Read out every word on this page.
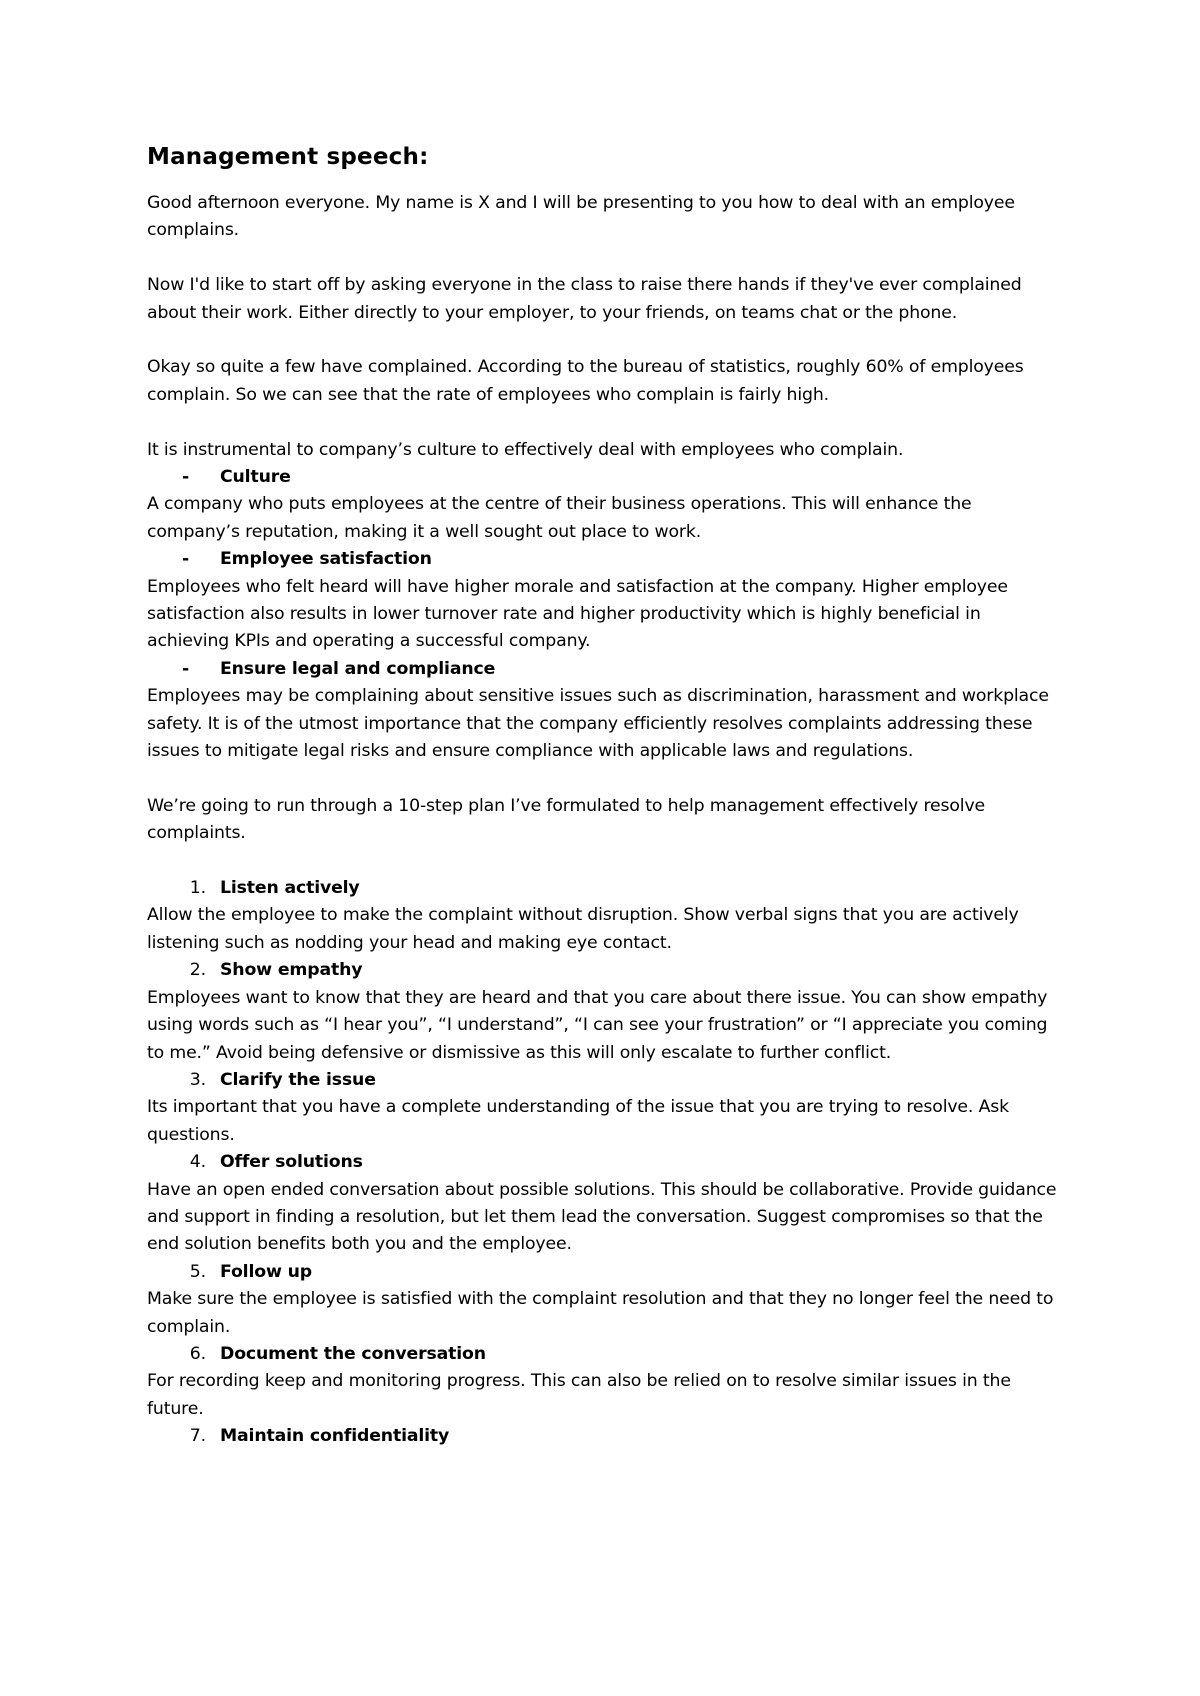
Management speech:

Good afternoon everyone. My name is X and I will be presenting to you how to deal with an employee complains.

Now I'd like to start off by asking everyone in the class to raise there hands if they've ever complained about their work. Either directly to your employer, to your friends, on teams chat or the phone.

Okay so quite a few have complained. According to the bureau of statistics, roughly 60% of employees complain. So we can see that the rate of employees who complain is fairly high.

It is instrumental to company’s culture to effectively deal with employees who complain.

-	Culture

A company who puts employees at the centre of their business operations. This will enhance the company’s reputation, making it a well sought out place to work.

-	Employee satisfaction

Employees who felt heard will have higher morale and satisfaction at the company. Higher employee satisfaction also results in lower turnover rate and higher productivity which is highly beneficial in achieving KPIs and operating a successful company.

-	Ensure legal and compliance

Employees may be complaining about sensitive issues such as discrimination, harassment and workplace safety. It is of the utmost importance that the company efficiently resolves complaints addressing these issues to mitigate legal risks and ensure compliance with applicable laws and regulations.

We’re going to run through a 10-step plan I’ve formulated to help management effectively resolve complaints.

1. Listen actively

Allow the employee to make the complaint without disruption. Show verbal signs that you are actively listening such as nodding your head and making eye contact.

2. Show empathy

Employees want to know that they are heard and that you care about there issue. You can show empathy using words such as “I hear you”, “I understand”, “I can see your frustration” or “I appreciate you coming to me.” Avoid being defensive or dismissive as this will only escalate to further conflict.

3. Clarify the issue

Its important that you have a complete understanding of the issue that you are trying to resolve. Ask questions.

4. Offer solutions

Have an open ended conversation about possible solutions. This should be collaborative. Provide guidance and support in finding a resolution, but let them lead the conversation. Suggest compromises so that the end solution benefits both you and the employee.

5. Follow up

Make sure the employee is satisfied with the complaint resolution and that they no longer feel the need to complain.

6. Document the conversation

For recording keep and monitoring progress. This can also be relied on to resolve similar issues in the future.

7. Maintain confidentiality
